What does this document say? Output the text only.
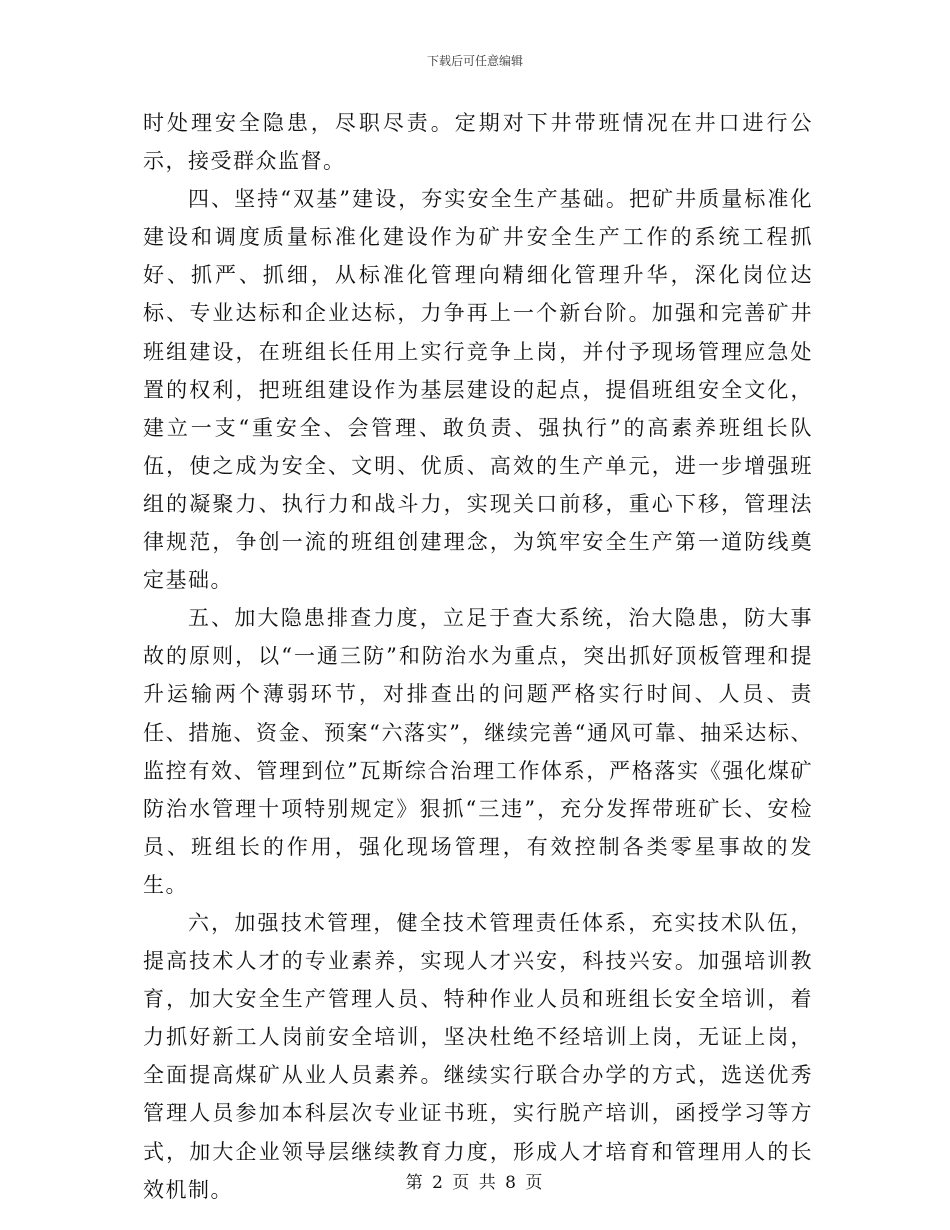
下载后可任意编辑

时处理安全隐患，尽职尽责。定期对下井带班情况在井口进行公示，接受群众监督。

四、坚持“双基”建设，夯实安全生产基础。把矿井质量标准化建设和调度质量标准化建设作为矿井安全生产工作的系统工程抓好、抓严、抓细，从标准化管理向精细化管理升华，深化岗位达标、专业达标和企业达标，力争再上一个新台阶。加强和完善矿井班组建设，在班组长任用上实行竞争上岗，并付予现场管理应急处置的权利，把班组建设作为基层建设的起点，提倡班组安全文化，建立一支“重安全、会管理、敢负责、强执行”的高素养班组长队伍，使之成为安全、文明、优质、高效的生产单元，进一步增强班组的凝聚力、执行力和战斗力，实现关口前移，重心下移，管理法律规范，争创一流的班组创建理念，为筑牢安全生产第一道防线奠定基础。

五、加大隐患排查力度，立足于查大系统，治大隐患，防大事故的原则，以“一通三防”和防治水为重点，突出抓好顶板管理和提升运输两个薄弱环节，对排查出的问题严格实行时间、人员、责任、措施、资金、预案“六落实”，继续完善“通风可靠、抽采达标、监控有效、管理到位”瓦斯综合治理工作体系，严格落实《强化煤矿防治水管理十项特别规定》狠抓“三违”，充分发挥带班矿长、安检员、班组长的作用，强化现场管理，有效控制各类零星事故的发生。

六，加强技术管理，健全技术管理责任体系，充实技术队伍，提高技术人才的专业素养，实现人才兴安，科技兴安。加强培训教育，加大安全生产管理人员、特种作业人员和班组长安全培训，着力抓好新工人岗前安全培训，坚决杜绝不经培训上岗，无证上岗，全面提高煤矿从业人员素养。继续实行联合办学的方式，选送优秀管理人员参加本科层次专业证书班，实行脱产培训，函授学习等方式，加大企业领导层继续教育力度，形成人才培育和管理用人的长效机制。	第 2 页 共 8 页
